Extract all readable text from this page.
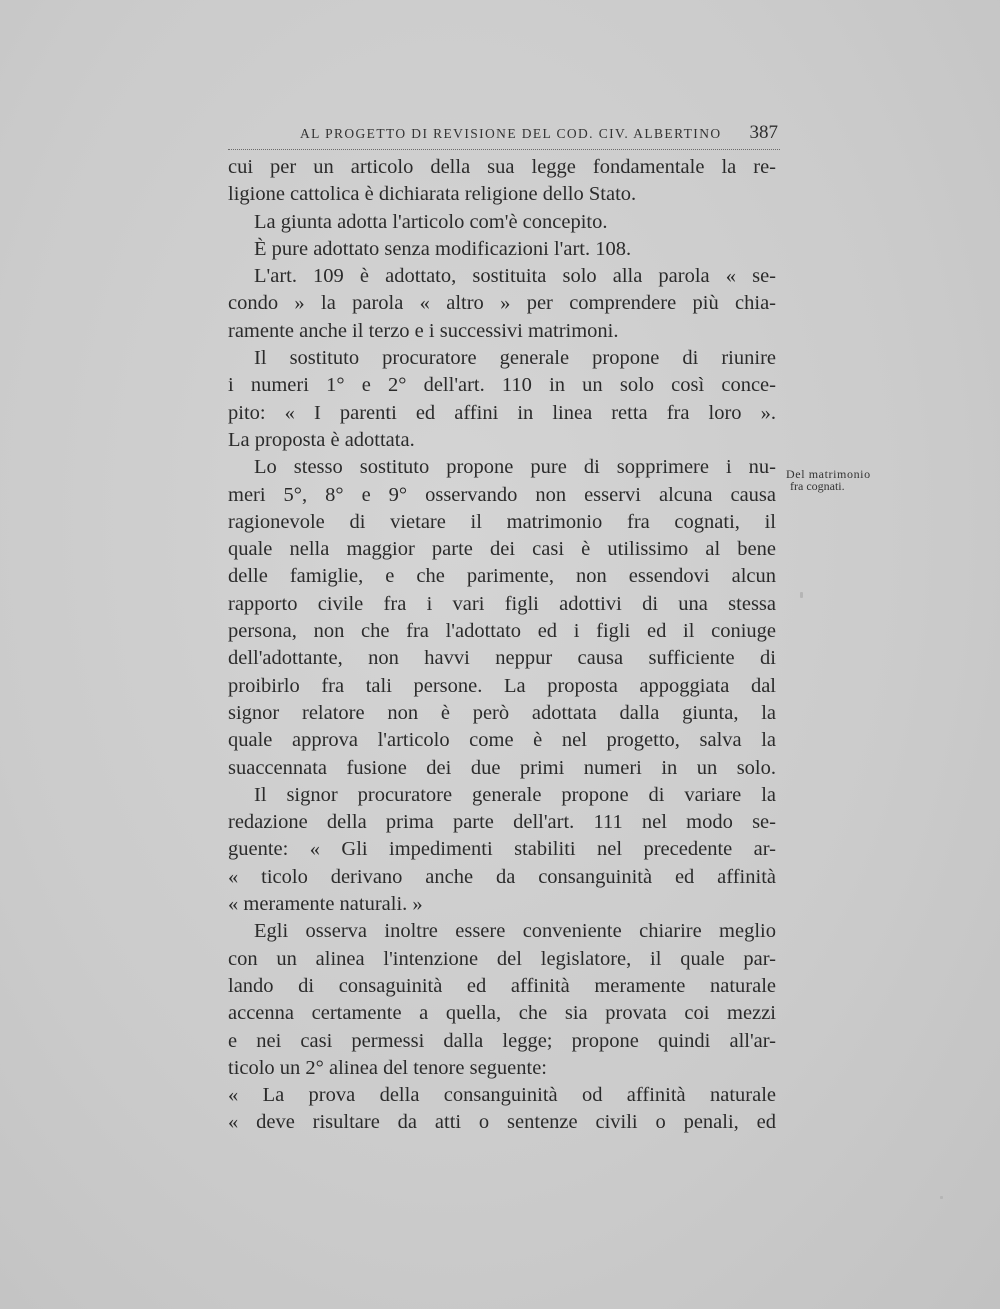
AL PROGETTO DI REVISIONE DEL COD. CIV. ALBERTINO 387
cui per un articolo della sua legge fondamentale la re-
ligione cattolica è dichiarata religione dello Stato.
La giunta adotta l'articolo com'è concepito.
È pure adottato senza modificazioni l'art. 108.
L'art. 109 è adottato, sostituita solo alla parola « se-
condo » la parola « altro » per comprendere più chia-
ramente anche il terzo e i successivi matrimoni.
Il sostituto procuratore generale propone di riunire
i numeri 1° e 2° dell'art. 110 in un solo così conce-
pito: « I parenti ed affini in linea retta fra loro ».
La proposta è adottata.
Lo stesso sostituto propone pure di sopprimere i nu-
meri 5°, 8° e 9° osservando non esservi alcuna causa
ragionevole di vietare il matrimonio fra cognati, il
quale nella maggior parte dei casi è utilissimo al bene
delle famiglie, e che parimente, non essendovi alcun
rapporto civile fra i vari figli adottivi di una stessa
persona, non che fra l'adottato ed i figli ed il coniuge
dell'adottante, non havvi neppur causa sufficiente di
proibirlo fra tali persone. La proposta appoggiata dal
signor relatore non è però adottata dalla giunta, la
quale approva l'articolo come è nel progetto, salva la
suaccennata fusione dei due primi numeri in un solo.
Il signor procuratore generale propone di variare la
redazione della prima parte dell'art. 111 nel modo se-
guente: « Gli impedimenti stabiliti nel precedente ar-
« ticolo derivano anche da consanguinità ed affinità
« meramente naturali. »
Egli osserva inoltre essere conveniente chiarire meglio
con un alinea l'intenzione del legislatore, il quale par-
lando di consaguinità ed affinità meramente naturale
accenna certamente a quella, che sia provata coi mezzi
e nei casi permessi dalla legge; propone quindi all'ar-
ticolo un 2° alinea del tenore seguente:
« La prova della consanguinità od affinità naturale
« deve risultare da atti o sentenze civili o penali, ed
Del matrimonio
fra cognati.
